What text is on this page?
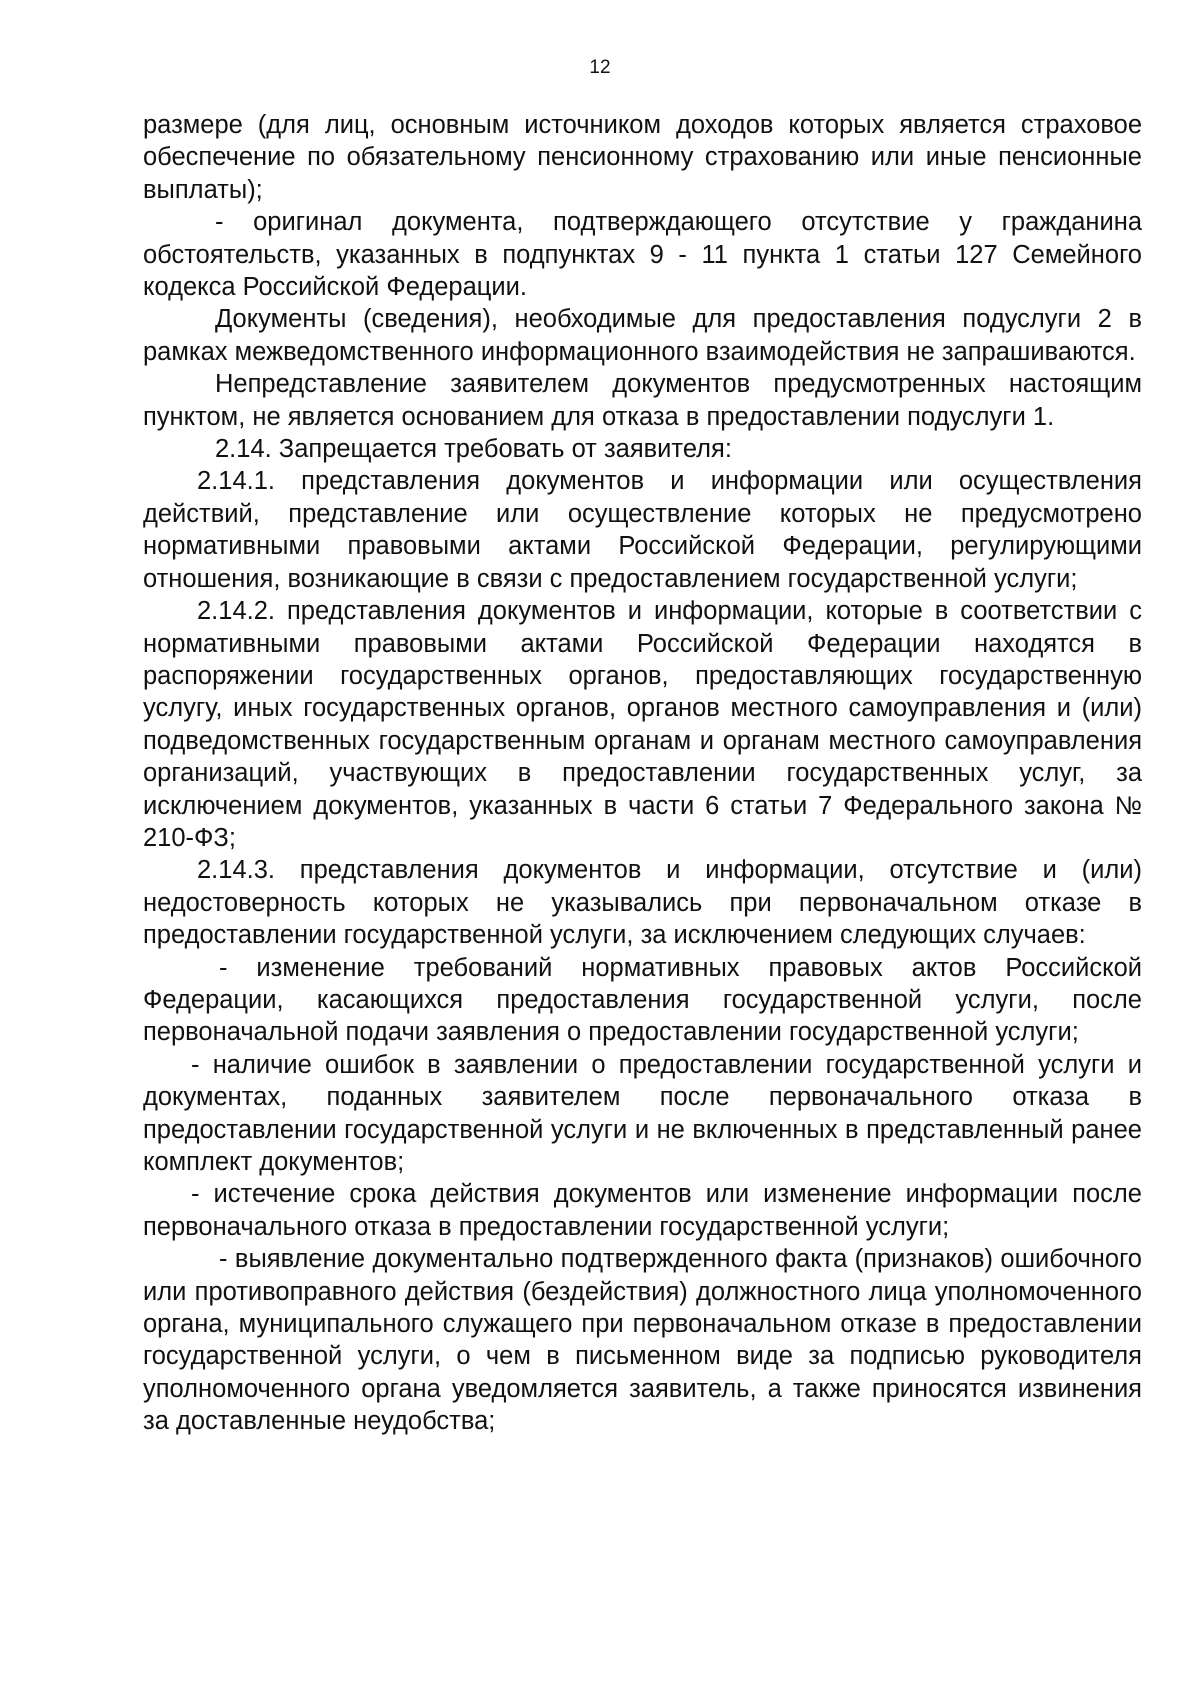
12

размере (для лиц, основным источником доходов которых является страховое обеспечение по обязательному пенсионному страхованию или иные пенсионные выплаты);

- оригинал документа, подтверждающего отсутствие у гражданина обстоятельств, указанных в подпунктах 9 - 11 пункта 1 статьи 127 Семейного кодекса Российской Федерации.

Документы (сведения), необходимые для предоставления подуслуги 2 в рамках межведомственного информационного взаимодействия не запрашиваются.

Непредставление заявителем документов предусмотренных настоящим пунктом, не является основанием для отказа в предоставлении подуслуги 1.

2.14. Запрещается требовать от заявителя:

2.14.1. представления документов и информации или осуществления действий, представление или осуществление которых не предусмотрено нормативными правовыми актами Российской Федерации, регулирующими отношения, возникающие в связи с предоставлением государственной услуги;

2.14.2. представления документов и информации, которые в соответствии с нормативными правовыми актами Российской Федерации находятся в распоряжении государственных органов, предоставляющих государственную услугу, иных государственных органов, органов местного самоуправления и (или) подведомственных государственным органам и органам местного самоуправления организаций, участвующих в предоставлении государственных услуг, за исключением документов, указанных в части 6 статьи 7 Федерального закона № 210-ФЗ;

2.14.3. представления документов и информации, отсутствие и (или) недостоверность которых не указывались при первоначальном отказе в предоставлении государственной услуги, за исключением следующих случаев:

- изменение требований нормативных правовых актов Российской Федерации, касающихся предоставления государственной услуги, после первоначальной подачи заявления о предоставлении государственной услуги;

- наличие ошибок в заявлении о предоставлении государственной услуги и документах, поданных заявителем после первоначального отказа в предоставлении государственной услуги и не включенных в представленный ранее комплект документов;

- истечение срока действия документов или изменение информации после первоначального отказа в предоставлении государственной услуги;

- выявление документально подтвержденного факта (признаков) ошибочного или противоправного действия (бездействия) должностного лица уполномоченного органа, муниципального служащего при первоначальном отказе в предоставлении государственной услуги, о чем в письменном виде за подписью руководителя уполномоченного органа уведомляется заявитель, а также приносятся извинения за доставленные неудобства;
